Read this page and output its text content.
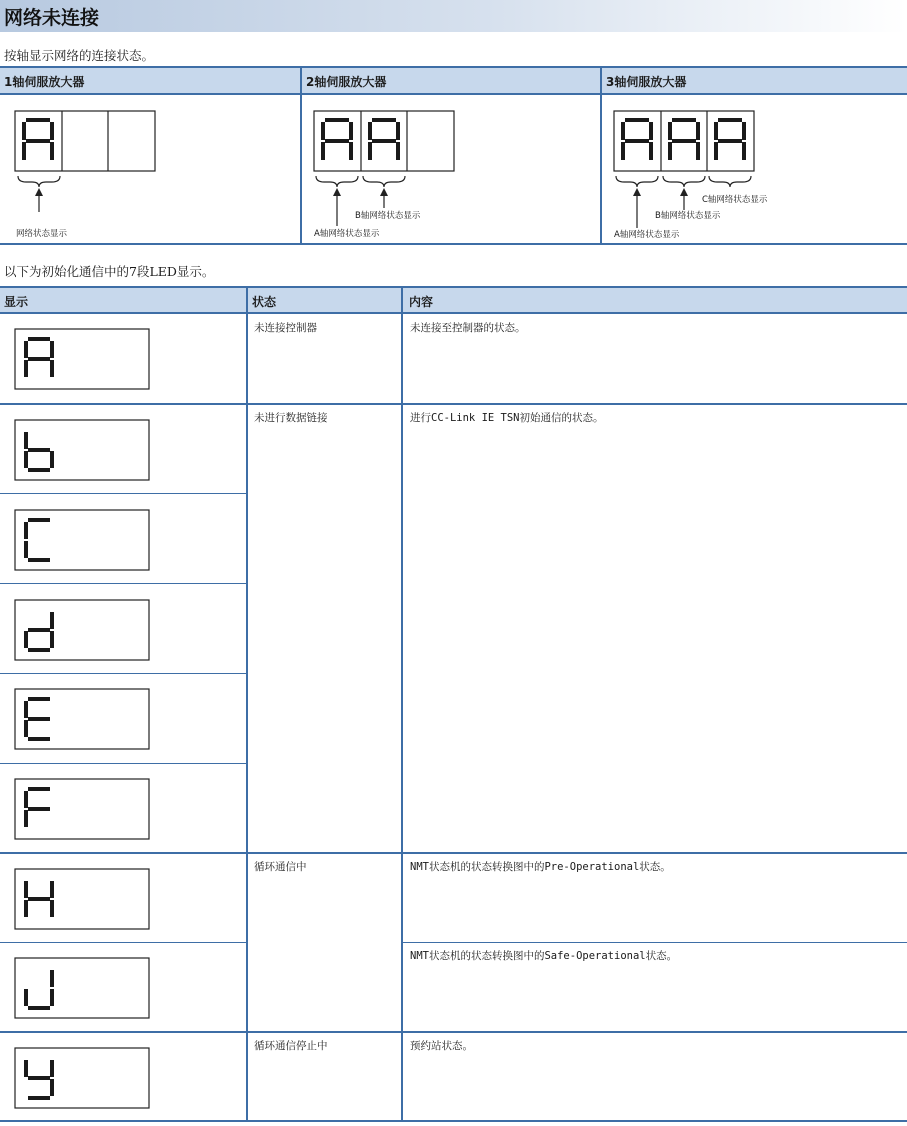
网络未连接
按轴显示网络的连接状态。
1轴伺服放大器	2轴伺服放大器	3轴伺服放大器
网络状态显示
B轴网络状态显示
A轴网络状态显示
C轴网络状态显示
B轴网络状态显示
A轴网络状态显示
以下为初始化通信中的7段LED显示。
显示	状态	内容
未连接控制器	未连接至控制器的状态。
未进行数据链接	进行CC-Link IE TSN初始通信的状态。
循环通信中	NMT状态机的状态转换图中的Pre-Operational状态。
NMT状态机的状态转换图中的Safe-Operational状态。
循环通信停止中	预约站状态。
